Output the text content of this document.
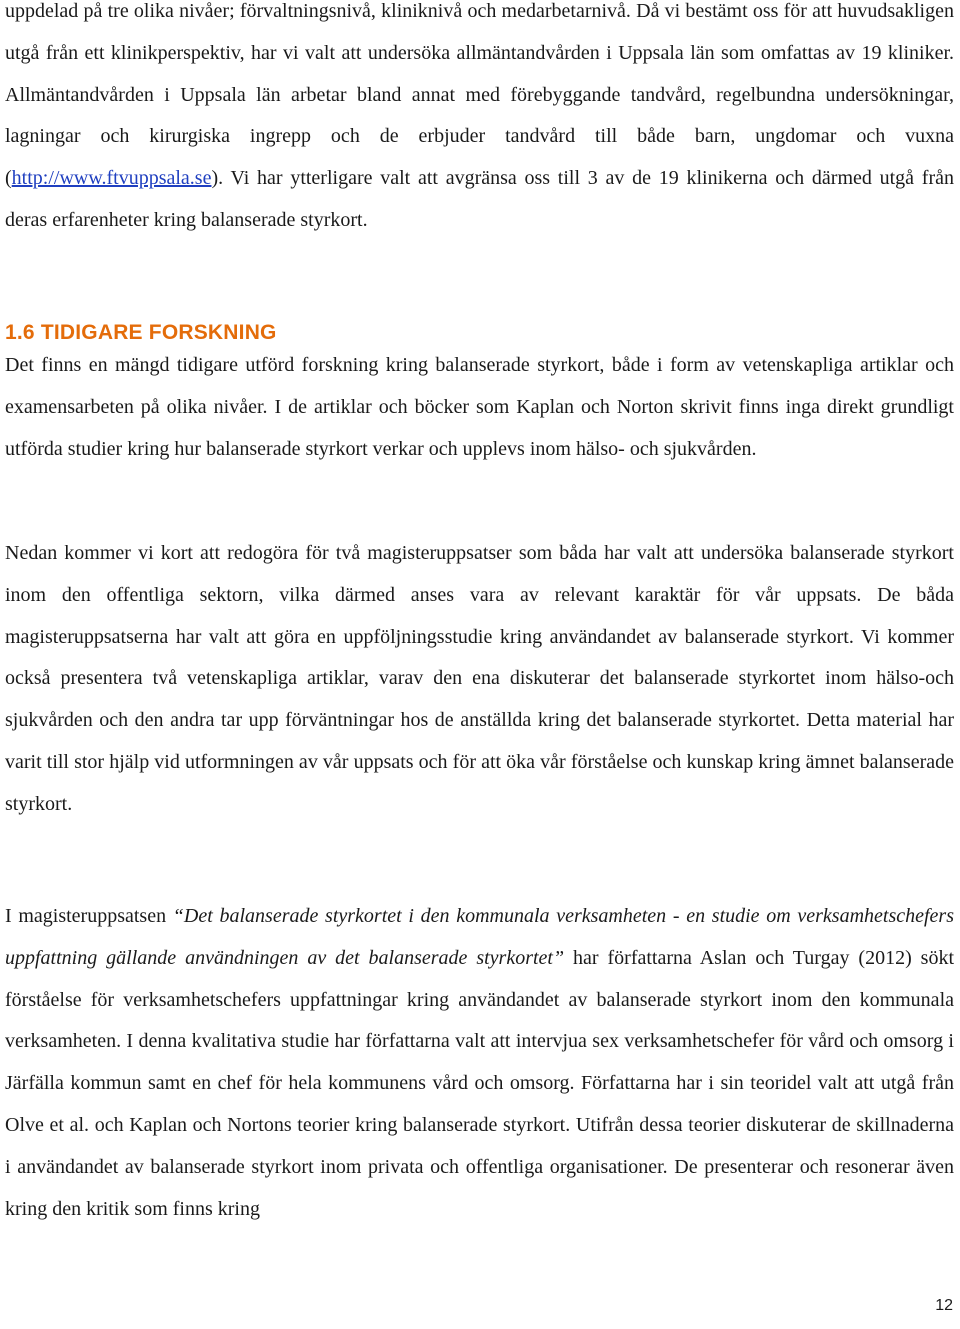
uppdelad på tre olika nivåer; förvaltningsnivå, kliniknivå och medarbetarnivå. Då vi bestämt oss för att huvudsakligen utgå från ett klinikperspektiv, har vi valt att undersöka allmäntandvården i Uppsala län som omfattas av 19 kliniker. Allmäntandvården i Uppsala län arbetar bland annat med förebyggande tandvård, regelbundna undersökningar, lagningar och kirurgiska ingrepp och de erbjuder tandvård till både barn, ungdomar och vuxna (http://www.ftvuppsala.se). Vi har ytterligare valt att avgränsa oss till 3 av de 19 klinikerna och därmed utgå från deras erfarenheter kring balanserade styrkort.

1.6 TIDIGARE FORSKNING

Det finns en mängd tidigare utförd forskning kring balanserade styrkort, både i form av vetenskapliga artiklar och examensarbeten på olika nivåer. I de artiklar och böcker som Kaplan och Norton skrivit finns inga direkt grundligt utförda studier kring hur balanserade styrkort verkar och upplevs inom hälso- och sjukvården.

Nedan kommer vi kort att redogöra för två magisteruppsatser som båda har valt att undersöka balanserade styrkort inom den offentliga sektorn, vilka därmed anses vara av relevant karaktär för vår uppsats. De båda magisteruppsatserna har valt att göra en uppföljningsstudie kring användandet av balanserade styrkort. Vi kommer också presentera två vetenskapliga artiklar, varav den ena diskuterar det balanserade styrkortet inom hälso-och sjukvården och den andra tar upp förväntningar hos de anställda kring det balanserade styrkortet. Detta material har varit till stor hjälp vid utformningen av vår uppsats och för att öka vår förståelse och kunskap kring ämnet balanserade styrkort.

I magisteruppsatsen “Det balanserade styrkortet i den kommunala verksamheten - en studie om verksamhetschefers uppfattning gällande användningen av det balanserade styrkortet” har författarna Aslan och Turgay (2012) sökt förståelse för verksamhetschefers uppfattningar kring användandet av balanserade styrkort inom den kommunala verksamheten. I denna kvalitativa studie har författarna valt att intervjua sex verksamhetschefer för vård och omsorg i Järfälla kommun samt en chef för hela kommunens vård och omsorg. Författarna har i sin teoridel valt att utgå från Olve et al. och Kaplan och Nortons teorier kring balanserade styrkort. Utifrån dessa teorier diskuterar de skillnaderna i användandet av balanserade styrkort inom privata och offentliga organisationer. De presenterar och resonerar även kring den kritik som finns kring

12
